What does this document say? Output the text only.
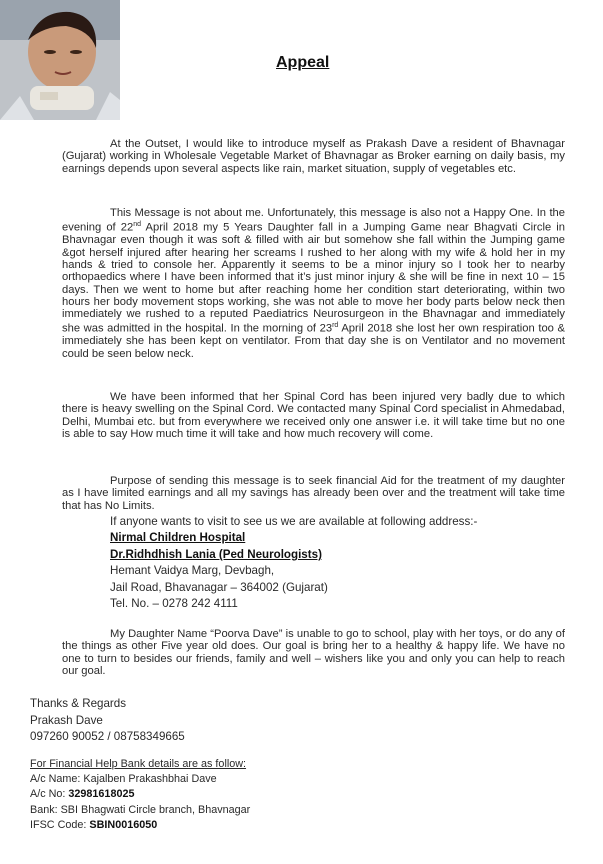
Appeal
At the Outset, I would like to introduce myself as Prakash Dave a resident of Bhavnagar (Gujarat) working in Wholesale Vegetable Market of Bhavnagar as Broker earning on daily basis, my earnings depends upon several aspects like rain, market situation, supply of vegetables etc.
This Message is not about me. Unfortunately, this message is also not a Happy One. In the evening of 22nd April 2018 my 5 Years Daughter fall in a Jumping Game near Bhagvati Circle in Bhavnagar even though it was soft & filled with air but somehow she fall within the Jumping game &got herself injured after hearing her screams I rushed to her along with my wife & hold her in my hands & tried to console her. Apparently it seems to be a minor injury so I took her to nearby orthopaedics where I have been informed that it’s just minor injury & she will be fine in next 10 – 15 days. Then we went to home but after reaching home her condition start deteriorating, within two hours her body movement stops working, she was not able to move her body parts below neck then immediately we rushed to a reputed Paediatrics Neurosurgeon in the Bhavnagar and immediately she was admitted in the hospital. In the morning of 23rd April 2018 she lost her own respiration too & immediately she has been kept on ventilator. From that day she is on Ventilator and no movement could be seen below neck.
We have been informed that her Spinal Cord has been injured very badly due to which there is heavy swelling on the Spinal Cord. We contacted many Spinal Cord specialist in Ahmedabad, Delhi, Mumbai etc. but from everywhere we received only one answer i.e. it will take time but no one is able to say How much time it will take and how much recovery will come.
Purpose of sending this message is to seek financial Aid for the treatment of my daughter as I have limited earnings and all my savings has already been over and the treatment will take time that has No Limits.
If anyone wants to visit to see us we are available at following address:-
Nirmal Children Hospital
Dr.Ridhdhish Lania (Ped Neurologists)
Hemant Vaidya Marg, Devbagh,
Jail Road, Bhavanagar – 364002 (Gujarat)
Tel. No. – 0278 242 4111
My Daughter Name “Poorva Dave” is unable to go to school, play with her toys, or do any of the things as other Five year old does. Our goal is bring her to a healthy & happy life. We have no one to turn to besides our friends, family and well – wishers like you and only you can help to reach our goal.
Thanks & Regards
Prakash Dave
097260 90052 / 08758349665
For Financial Help Bank details are as follow:
A/c Name: Kajalben Prakashbhai Dave
A/c No: 32981618025
Bank: SBI Bhagwati Circle branch, Bhavnagar
IFSC Code: SBIN0016050
